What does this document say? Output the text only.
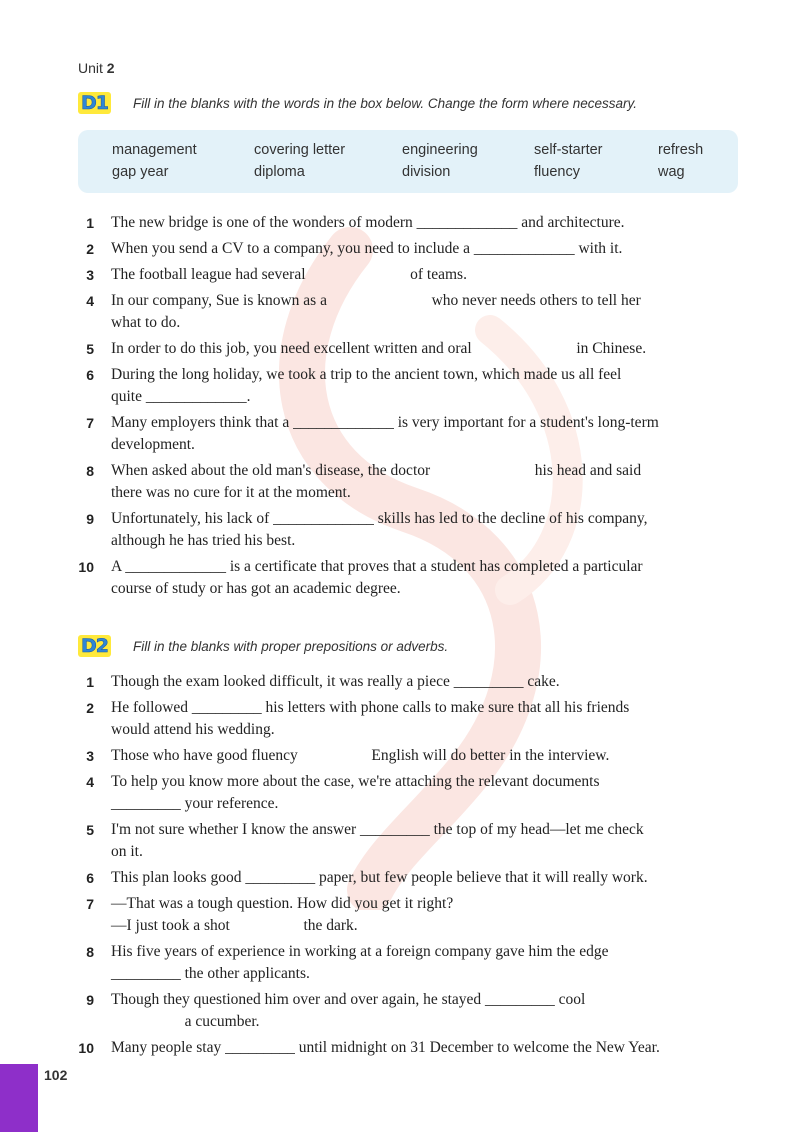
Unit 2
D1 Fill in the blanks with the words in the box below. Change the form where necessary.
management	covering letter	engineering	self-starter	refresh
gap year	diploma	division	fluency	wag
1 The new bridge is one of the wonders of modern _____________ and architecture.
2 When you send a CV to a company, you need to include a _____________ with it.
3 The football league had several                           of teams.
4 In our company, Sue is known as a                           who never needs others to tell her
what to do.
5 In order to do this job, you need excellent written and oral                           in Chinese.
6 During the long holiday, we took a trip to the ancient town, which made us all feel
quite _____________.
7 Many employers think that a _____________ is very important for a student's long-term
development.
8 When asked about the old man's disease, the doctor                           his head and said
there was no cure for it at the moment.
9 Unfortunately, his lack of _____________ skills has led to the decline of his company,
although he has tried his best.
10 A _____________ is a certificate that proves that a student has completed a particular
course of study or has got an academic degree.
D2 Fill in the blanks with proper prepositions or adverbs.
1 Though the exam looked difficult, it was really a piece _________ cake.
2 He followed _________ his letters with phone calls to make sure that all his friends
would attend his wedding.
3 Those who have good fluency                   English will do better in the interview.
4 To help you know more about the case, we're attaching the relevant documents
_________ your reference.
5 I'm not sure whether I know the answer _________ the top of my head—let me check
on it.
6 This plan looks good _________ paper, but few people believe that it will really work.
7 —That was a tough question. How did you get it right?
—I just took a shot                   the dark.
8 His five years of experience in working at a foreign company gave him the edge
_________ the other applicants.
9 Though they questioned him over and over again, he stayed _________ cool
a cucumber.
10 Many people stay _________ until midnight on 31 December to welcome the New Year.
102
